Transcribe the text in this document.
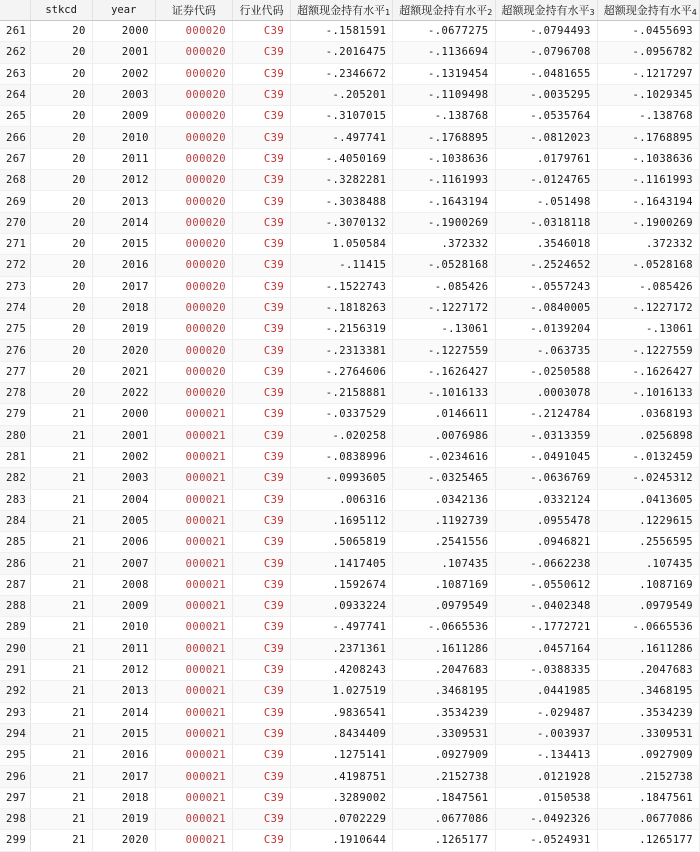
	stkcd	year	证券代码	行业代码	超额现金持有水平1	超额现金持有水平2	超额现金持有水平3	超额现金持有水平4
261	20	2000	000020	C39	-.1581591	-.0677275	-.0794493	-.0455693
262	20	2001	000020	C39	-.2016475	-.1136694	-.0796708	-.0956782
263	20	2002	000020	C39	-.2346672	-.1319454	-.0481655	-.1217297
264	20	2003	000020	C39	-.205201	-.1109498	-.0035295	-.1029345
265	20	2009	000020	C39	-.3107015	-.138768	-.0535764	-.138768
266	20	2010	000020	C39	-.497741	-.1768895	-.0812023	-.1768895
267	20	2011	000020	C39	-.4050169	-.1038636	.0179761	-.1038636
268	20	2012	000020	C39	-.3282281	-.1161993	-.0124765	-.1161993
269	20	2013	000020	C39	-.3038488	-.1643194	-.051498	-.1643194
270	20	2014	000020	C39	-.3070132	-.1900269	-.0318118	-.1900269
271	20	2015	000020	C39	1.050584	.372332	.3546018	.372332
272	20	2016	000020	C39	-.11415	-.0528168	-.2524652	-.0528168
273	20	2017	000020	C39	-.1522743	-.085426	-.0557243	-.085426
274	20	2018	000020	C39	-.1818263	-.1227172	-.0840005	-.1227172
275	20	2019	000020	C39	-.2156319	-.13061	-.0139204	-.13061
276	20	2020	000020	C39	-.2313381	-.1227559	-.063735	-.1227559
277	20	2021	000020	C39	-.2764606	-.1626427	-.0250588	-.1626427
278	20	2022	000020	C39	-.2158881	-.1016133	.0003078	-.1016133
279	21	2000	000021	C39	-.0337529	.0146611	-.2124784	.0368193
280	21	2001	000021	C39	-.020258	.0076986	-.0313359	.0256898
281	21	2002	000021	C39	-.0838996	-.0234616	-.0491045	-.0132459
282	21	2003	000021	C39	-.0993605	-.0325465	-.0636769	-.0245312
283	21	2004	000021	C39	.006316	.0342136	.0332124	.0413605
284	21	2005	000021	C39	.1695112	.1192739	.0955478	.1229615
285	21	2006	000021	C39	.5065819	.2541556	.0946821	.2556595
286	21	2007	000021	C39	.1417405	.107435	-.0662238	.107435
287	21	2008	000021	C39	.1592674	.1087169	-.0550612	.1087169
288	21	2009	000021	C39	.0933224	.0979549	-.0402348	.0979549
289	21	2010	000021	C39	-.497741	-.0665536	-.1772721	-.0665536
290	21	2011	000021	C39	.2371361	.1611286	.0457164	.1611286
291	21	2012	000021	C39	.4208243	.2047683	-.0388335	.2047683
292	21	2013	000021	C39	1.027519	.3468195	.0441985	.3468195
293	21	2014	000021	C39	.9836541	.3534239	-.029487	.3534239
294	21	2015	000021	C39	.8434409	.3309531	-.003937	.3309531
295	21	2016	000021	C39	.1275141	.0927909	-.134413	.0927909
296	21	2017	000021	C39	.4198751	.2152738	.0121928	.2152738
297	21	2018	000021	C39	.3289002	.1847561	.0150538	.1847561
298	21	2019	000021	C39	.0702229	.0677086	-.0492326	.0677086
299	21	2020	000021	C39	.1910644	.1265177	-.0524931	.1265177
